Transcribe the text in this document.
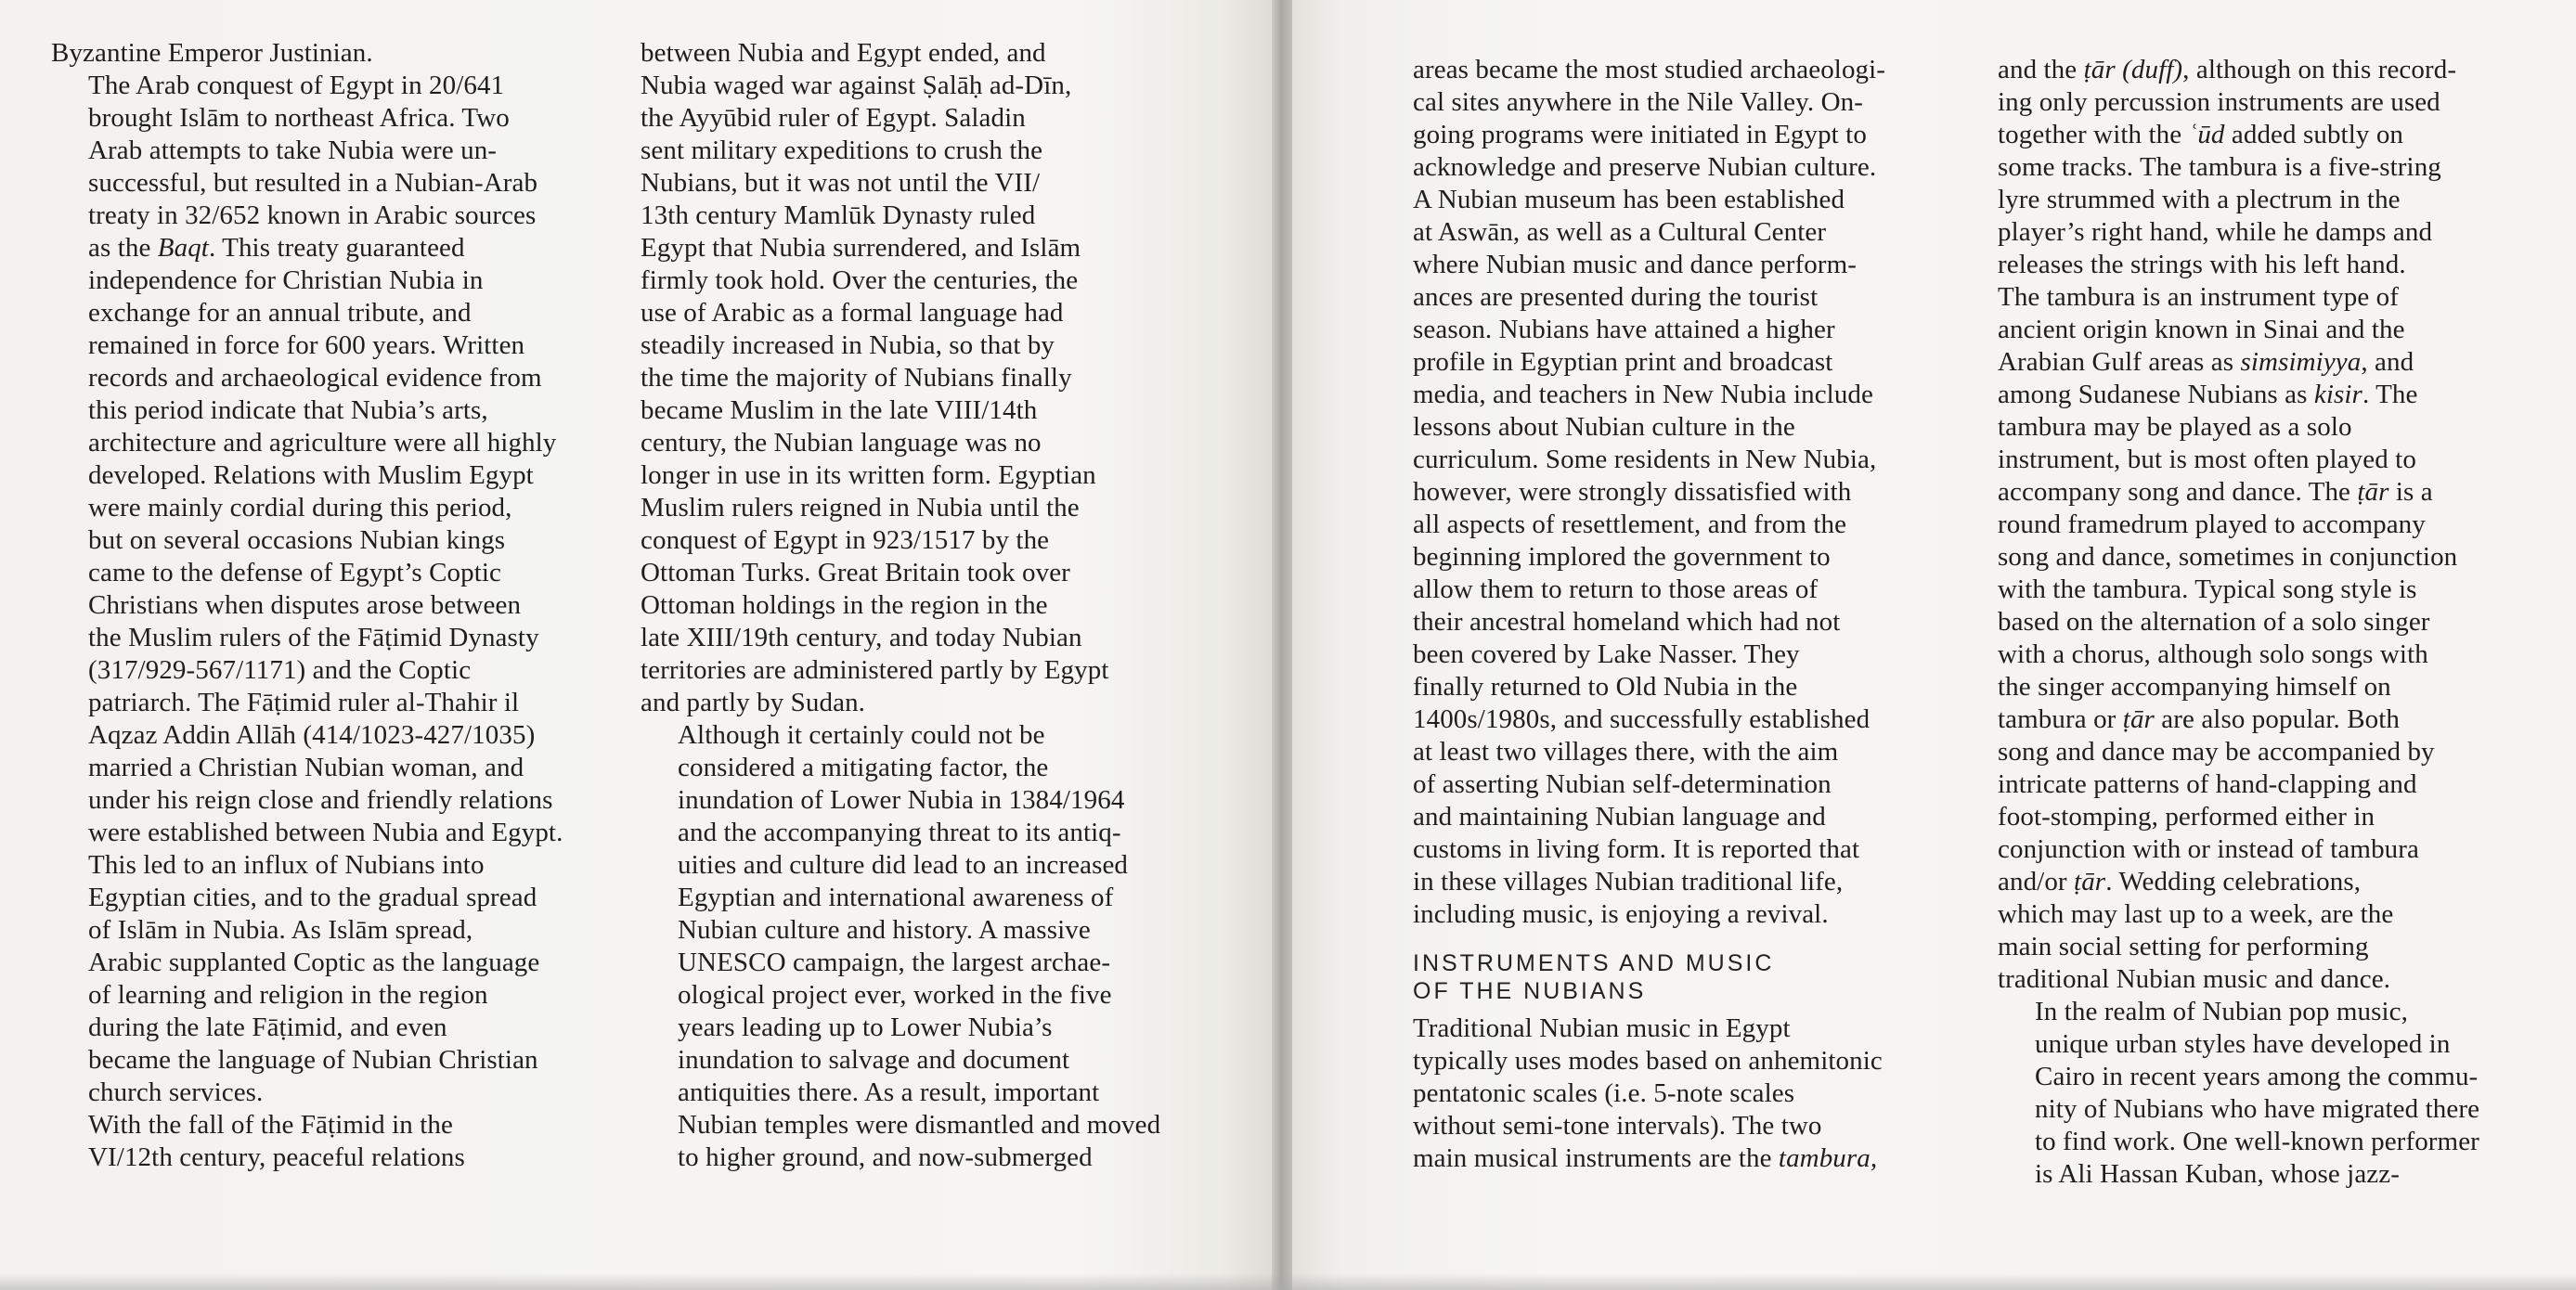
Byzantine Emperor Justinian.

The Arab conquest of Egypt in 20/641
brought Islām to northeast Africa. Two
Arab attempts to take Nubia were un-
successful, but resulted in a Nubian-Arab
treaty in 32/652 known in Arabic sources
as the Baqt. This treaty guaranteed
independence for Christian Nubia in
exchange for an annual tribute, and
remained in force for 600 years. Written
records and archaeological evidence from
this period indicate that Nubia’s arts,
architecture and agriculture were all highly
developed. Relations with Muslim Egypt
were mainly cordial during this period,
but on several occasions Nubian kings
came to the defense of Egypt’s Coptic
Christians when disputes arose between
the Muslim rulers of the Fāṭimid Dynasty
(317/929-567/1171) and the Coptic
patriarch. The Fāṭimid ruler al-Thahir il
Aqzaz Addin Allāh (414/1023-427/1035)
married a Christian Nubian woman, and
under his reign close and friendly relations
were established between Nubia and Egypt.
This led to an influx of Nubians into
Egyptian cities, and to the gradual spread
of Islām in Nubia. As Islām spread,
Arabic supplanted Coptic as the language
of learning and religion in the region
during the late Fāṭimid, and even
became the language of Nubian Christian
church services.

With the fall of the Fāṭimid in the
VI/12th century, peaceful relations

between Nubia and Egypt ended, and
Nubia waged war against Ṣalāḥ ad-Dīn,
the Ayyūbid ruler of Egypt. Saladin
sent military expeditions to crush the
Nubians, but it was not until the VII/
13th century Mamlūk Dynasty ruled
Egypt that Nubia surrendered, and Islām
firmly took hold. Over the centuries, the
use of Arabic as a formal language had
steadily increased in Nubia, so that by
the time the majority of Nubians finally
became Muslim in the late VIII/14th
century, the Nubian language was no
longer in use in its written form. Egyptian
Muslim rulers reigned in Nubia until the
conquest of Egypt in 923/1517 by the
Ottoman Turks. Great Britain took over
Ottoman holdings in the region in the
late XIII/19th century, and today Nubian
territories are administered partly by Egypt
and partly by Sudan.

Although it certainly could not be
considered a mitigating factor, the
inundation of Lower Nubia in 1384/1964
and the accompanying threat to its antiq-
uities and culture did lead to an increased
Egyptian and international awareness of
Nubian culture and history. A massive
UNESCO campaign, the largest archae-
ological project ever, worked in the five
years leading up to Lower Nubia’s
inundation to salvage and document
antiquities there. As a result, important
Nubian temples were dismantled and moved
to higher ground, and now-submerged

areas became the most studied archaeologi-
cal sites anywhere in the Nile Valley. On-
going programs were initiated in Egypt to
acknowledge and preserve Nubian culture.
A Nubian museum has been established
at Aswān, as well as a Cultural Center
where Nubian music and dance perform-
ances are presented during the tourist
season. Nubians have attained a higher
profile in Egyptian print and broadcast
media, and teachers in New Nubia include
lessons about Nubian culture in the
curriculum. Some residents in New Nubia,
however, were strongly dissatisfied with
all aspects of resettlement, and from the
beginning implored the government to
allow them to return to those areas of
their ancestral homeland which had not
been covered by Lake Nasser. They
finally returned to Old Nubia in the
1400s/1980s, and successfully established
at least two villages there, with the aim
of asserting Nubian self-determination
and maintaining Nubian language and
customs in living form. It is reported that
in these villages Nubian traditional life,
including music, is enjoying a revival.

INSTRUMENTS AND MUSIC
OF THE NUBIANS

Traditional Nubian music in Egypt
typically uses modes based on anhemitonic
pentatonic scales (i.e. 5-note scales
without semi-tone intervals). The two
main musical instruments are the tambura,

and the ṭār (duff), although on this record-
ing only percussion instruments are used
together with the ʿūd added subtly on
some tracks. The tambura is a five-string
lyre strummed with a plectrum in the
player’s right hand, while he damps and
releases the strings with his left hand.
The tambura is an instrument type of
ancient origin known in Sinai and the
Arabian Gulf areas as simsimiyya, and
among Sudanese Nubians as kisir. The
tambura may be played as a solo
instrument, but is most often played to
accompany song and dance. The ṭār is a
round framedrum played to accompany
song and dance, sometimes in conjunction
with the tambura. Typical song style is
based on the alternation of a solo singer
with a chorus, although solo songs with
the singer accompanying himself on
tambura or ṭār are also popular. Both
song and dance may be accompanied by
intricate patterns of hand-clapping and
foot-stomping, performed either in
conjunction with or instead of tambura
and/or ṭār. Wedding celebrations,
which may last up to a week, are the
main social setting for performing
traditional Nubian music and dance.

In the realm of Nubian pop music,
unique urban styles have developed in
Cairo in recent years among the commu-
nity of Nubians who have migrated there
to find work. One well-known performer
is Ali Hassan Kuban, whose jazz-
